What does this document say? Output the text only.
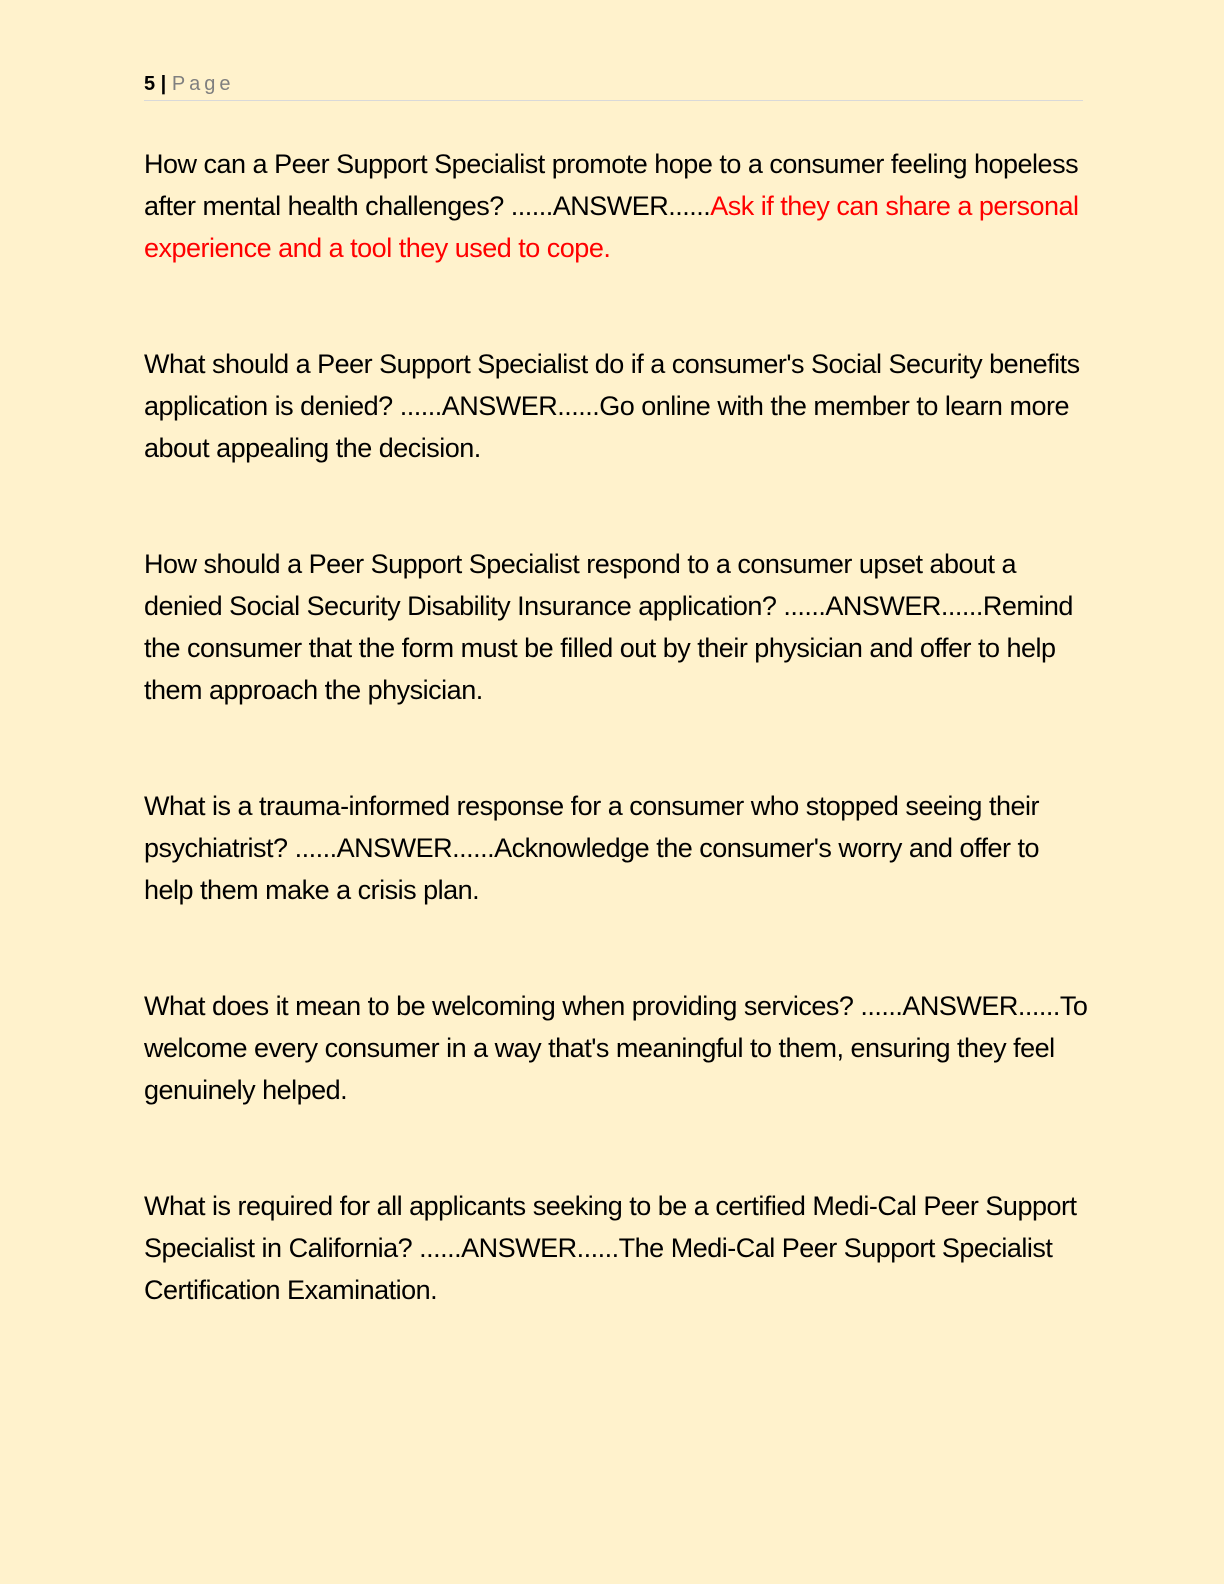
5 | Page

How can a Peer Support Specialist promote hope to a consumer feeling hopeless after mental health challenges? ......ANSWER......Ask if they can share a personal experience and a tool they used to cope.

What should a Peer Support Specialist do if a consumer's Social Security benefits application is denied? ......ANSWER......Go online with the member to learn more about appealing the decision.

How should a Peer Support Specialist respond to a consumer upset about a denied Social Security Disability Insurance application? ......ANSWER......Remind the consumer that the form must be filled out by their physician and offer to help them approach the physician.

What is a trauma-informed response for a consumer who stopped seeing their psychiatrist? ......ANSWER......Acknowledge the consumer's worry and offer to help them make a crisis plan.

What does it mean to be welcoming when providing services? ......ANSWER......To welcome every consumer in a way that's meaningful to them, ensuring they feel genuinely helped.

What is required for all applicants seeking to be a certified Medi-Cal Peer Support Specialist in California? ......ANSWER......The Medi-Cal Peer Support Specialist Certification Examination.
